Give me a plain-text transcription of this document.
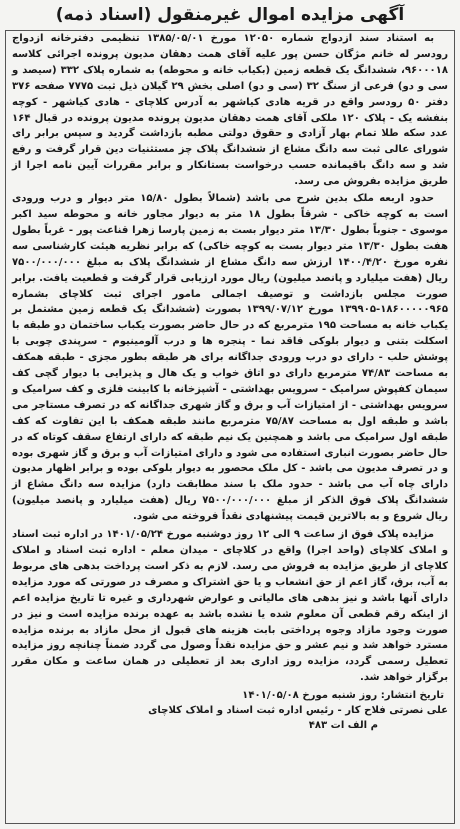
آگهی مزایده اموال غیرمنقول (اسناد ذمه)

به استناد سند ازدواج شماره ۱۲۰۵۰ مورخ ۱۳۸۵/۰۵/۰۱ تنظیمی دفترخانه ازدواج رودسر له خانم مژگان حسن پور علیه آقای همت دهقان مدیون پرونده اجرائی کلاسه ۹۶۰۰۰۱۸، ششدانگ یک قطعه زمین (بکیاب خانه و محوطه) به شماره پلاک ۳۳۲ (سیصد و سی و دو) فرعی از سنگ ۳۲ (سی و دو) اصلی بخش ۲۹ گیلان ذیل ثبت ۷۷۷۵ صفحه ۳۷۶ دفتر ۵۰ رودسر واقع در قریه هادی کیاشهر به آدرس کلاچای - هادی کیاشهر - کوچه بنفشه یک - پلاک ۱۲۰ ملکی آقای همت دهقان مدیون پرونده مدیون پرونده در قبال ۱۶۴ عدد سکه طلا تمام بهار آزادی و حقوق دولتی مطبه بازداشت گردید و سپس برابر رای شورای عالی ثبت سه دانگ مشاع از ششدانگ پلاک چز مستثنیات دین قرار گرفت و رفع شد و سه دانگ باقیمانده حسب درخواست بستانکار و برابر مقررات آیین نامه اجرا از طریق مزایده بفروش می رسد.

حدود اربعه ملک بدین شرح می باشد (شمالاً بطول ۱۵/۸۰ متر دیوار و درب ورودی است به کوچه خاکی - شرقاً بطول ۱۸ متر به دیوار مجاور خانه و محوطه سید اکبر موسوی - جنوباً بطول ۱۳/۳۰ متر دیوار بست به زمین پارسا زهرا قناعت پور - غرباً بطول هفت بطول ۱۳/۳۰ متر دیوار بست به کوچه خاکی) که برابر نظریه هیئت کارشناسی سه نفره مورخ ۱۴۰۰/۴/۲۰ ارزش سه دانگ مشاع از ششدانگ پلاک به مبلغ ۷۵۰۰/۰۰۰/۰۰۰ ریال (هفت میلیارد و پانصد میلیون) ریال مورد ارزیابی قرار گرفت و قطعیت یافت. برابر صورت مجلس بازداشت و توصیف اجمالی مامور اجرای ثبت کلاچای بشماره ۱۸۶۰۰۰۰۰۹۶۵-۱۳۹۹۰۵ مورخ ۱۳۹۹/۰۷/۱۲ بصورت (ششدانگ یک قطعه زمین مشتمل بر یکباب خانه به مساحت ۱۹۵ مترمربع که در حال حاضر بصورت یکباب ساختمان دو طبقه با اسکلت بتنی و دیوار بلوکی فاقد نما - پنجره ها و درب آلومینیوم - سرپندی چوبی با پوشش حلب - دارای دو درب ورودی جداگانه برای هر طبقه بطور مجزی - طبقه همکف به مساحت ۷۴/۸۳ مترمربع دارای دو اتاق خواب و یک هال و پذیرایی با دیوار گچی کف سیمان کفپوش سرامیک - سرویس بهداشتی - آشپزخانه با کابینت فلزی و کف سرامیک و سرویس بهداشتی - از امتیازات آب و برق و گاز شهری جداگانه که در تصرف مستاجر می باشد و طبقه اول به مساحت ۷۵/۸۷ مترمربع مانند طبقه همکف با این تفاوت که کف طبقه اول سرامیک می باشد و همچنین یک نیم طبقه که دارای ارتفاع سقف کوتاه که در حال حاضر بصورت انباری استفاده می شود و دارای امتیازات آب و برق و گاز شهری بوده و در تصرف مدیون می باشد - کل ملک محصور به دیوار بلوکی بوده و برابر اظهار مدیون دارای چاه آب می باشد - حدود ملک با سند مطابقت دارد) مزایده سه دانگ مشاع از ششدانگ پلاک فوق الذکر از مبلغ ۷۵۰۰/۰۰۰/۰۰۰ ریال (هفت میلیارد و پانصد میلیون) ریال شروع و به بالاترین قیمت پیشنهادی نقداً فروخته می شود.

مزایده پلاک فوق از ساعت ۹ الی ۱۲ روز دوشنبه مورخ ۱۴۰۱/۰۵/۲۴ در اداره ثبت اسناد و املاک کلاچای (واحد اجرا) واقع در کلاچای - میدان معلم - اداره ثبت اسناد و املاک کلاچای از طریق مزایده به فروش می رسد. لازم به ذکر است پرداخت بدهی های مربوط به آب، برق، گاز اعم از حق انشعاب و یا حق اشتراک و مصرف در صورتی که مورد مزایده دارای آنها باشد و نیز بدهی های مالیاتی و عوارض شهرداری و غیره تا تاریخ مزایده اعم از اینکه رقم قطعی آن معلوم شده یا نشده باشد به عهده برنده مزایده است و نیز در صورت وجود مازاد وجوه پرداختی بابت هزینه های قبول از محل مازاد به برنده مزایده مسترد خواهد شد و نیم عشر و حق مزایده نقداً وصول می گردد ضمناً چنانچه روز مزایده تعطیل رسمی گردد، مزایده روز اداری بعد از تعطیلی در همان ساعت و مکان مقرر برگزار خواهد شد.

تاریخ انتشار: روز شنبه مورخ ۱۴۰۱/۰۵/۰۸
علی نصرتی فلاح کار - رئیس اداره ثبت اسناد و املاک کلاچای
م الف ات ۴۸۳
